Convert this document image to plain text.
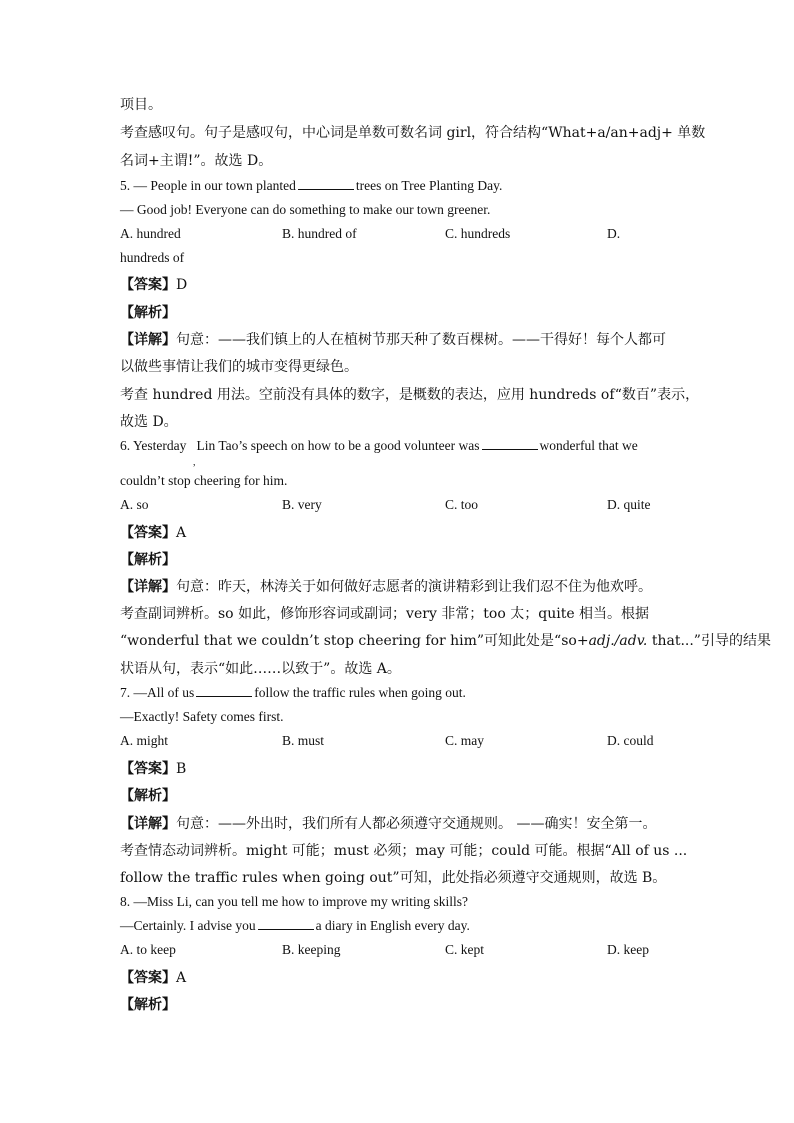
项目。
考查感叹句。句子是感叹句，中心词是单数可数名词 girl，符合结构“What+a/an+adj+ 单数
名词+主谓!”。故选 D。
5. — People in our town planted	trees on Tree Planting Day.
— Good job! Everyone can do something to make our town greener.
A. hundred	B. hundred of	C. hundreds	D.
hundreds of
【答案】D
【解析】
【详解】句意：——我们镇上的人在植树节那天种了数百棵树。——干得好！每个人都可
以做些事情让我们的城市变得更绿色。
考查 hundred 用法。空前没有具体的数字，是概数的表达，应用 hundreds of“数百”表示，
故选 D。
6. Yesterday Lin Tao’s speech on how to be a good volunteer was	wonderful that we
,
couldn’t stop cheering for him.
A. so	B. very	C. too	D. quite
【答案】A
【解析】
【详解】句意：昨天，林涛关于如何做好志愿者的演讲精彩到让我们忍不住为他欢呼。
考查副词辨析。so 如此，修饰形容词或副词；very 非常；too 太；quite 相当。根据
“wonderful that we couldn’t stop cheering for him”可知此处是“so+adj./adv. that...”引导的结果
状语从句，表示“如此……以致于”。故选 A。
7. —All of us	follow the traffic rules when going out.
—Exactly! Safety comes first.
A. might	B. must	C. may	D. could
【答案】B
【解析】
【详解】句意：——外出时，我们所有人都必须遵守交通规则。 ——确实！安全第一。
考查情态动词辨析。might 可能；must 必须；may 可能；could 可能。根据“All of us ...
follow the traffic rules when going out”可知，此处指必须遵守交通规则，故选 B。
8. —Miss Li, can you tell me how to improve my writing skills?
—Certainly. I advise you	a diary in English every day.
A. to keep	B. keeping	C. kept	D. keep
【答案】A
【解析】
